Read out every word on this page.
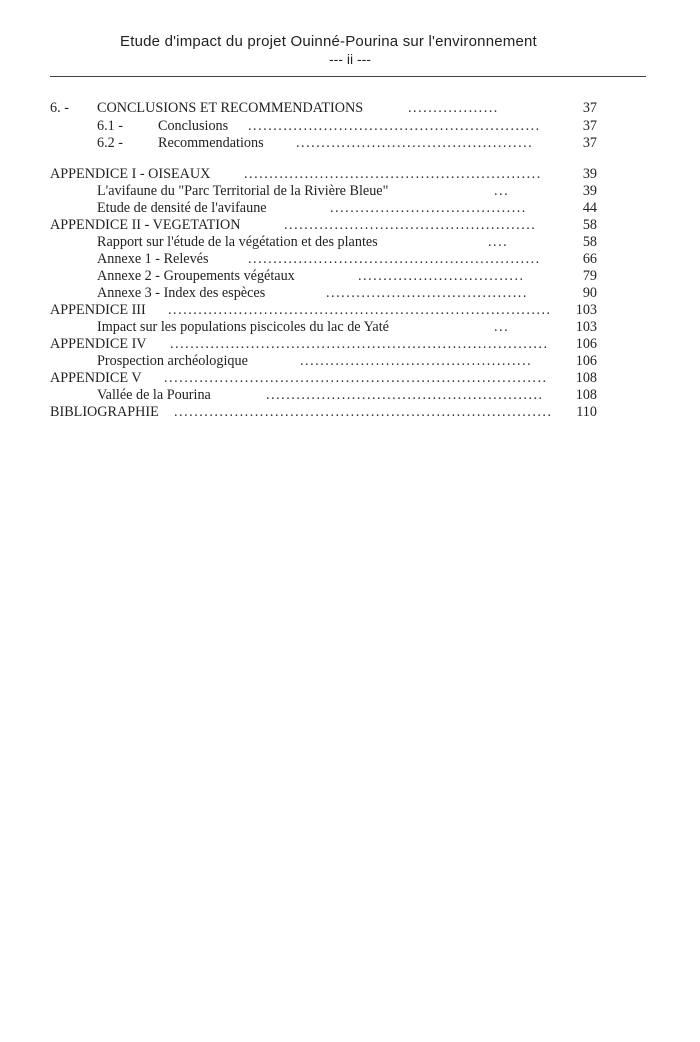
Etude d'impact du projet Ouinné-Pourina sur l'environnement
--- ii ---
6. - CONCLUSIONS ET RECOMMENDATIONS	..................	37
6.1 - Conclusions ..........................................................	37
6.2 - Recommendations ...............................................	37
APPENDICE I - OISEAUX ...........................................................	39
L'avifaune du "Parc Territorial de la Rivière Bleue"	...	39
Etude de densité de l'avifaune	.......................................	44
APPENDICE II - VEGETATION	..................................................	58
Rapport sur l'étude de la végétation et des plantes	....	58
Annexe 1 - Relevés	..........................................................	66
Annexe 2 - Groupements végétaux	.................................	79
Annexe 3 - Index des espèces	........................................	90
APPENDICE III ............................................................................	103
Impact sur les populations piscicoles du lac de Yaté	...	103
APPENDICE IV ...........................................................................	106
Prospection archéologique	..............................................	106
APPENDICE V ............................................................................	108
Vallée de la Pourina	.......................................................	108
BIBLIOGRAPHIE ...........................................................................	110
